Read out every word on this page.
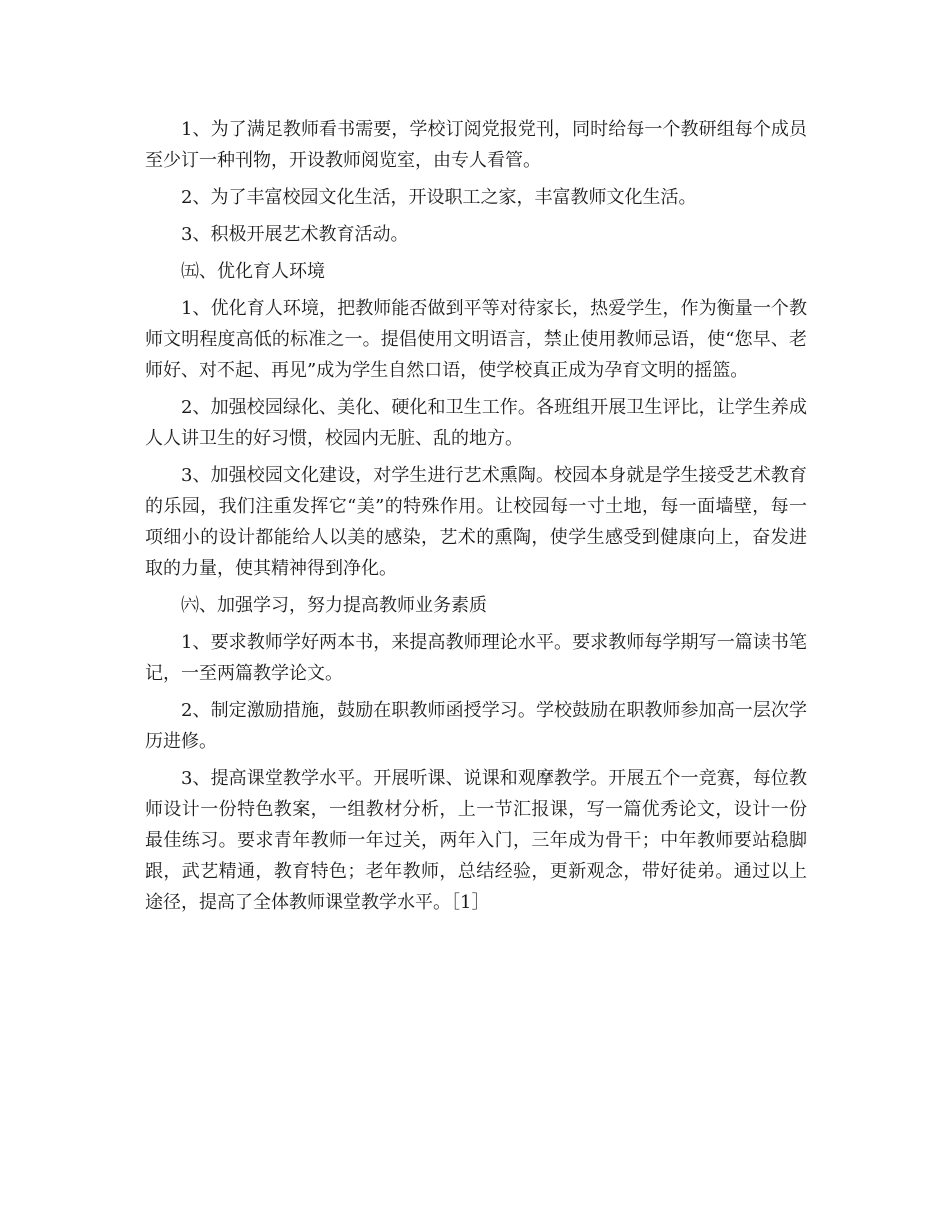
1、为了满足教师看书需要，学校订阅党报党刊，同时给每一个教研组每个成员至少订一种刊物，开设教师阅览室，由专人看管。

2、为了丰富校园文化生活，开设职工之家，丰富教师文化生活。

3、积极开展艺术教育活动。

㈤、优化育人环境

1、优化育人环境，把教师能否做到平等对待家长，热爱学生，作为衡量一个教师文明程度高低的标准之一。提倡使用文明语言，禁止使用教师忌语，使“您早、老师好、对不起、再见”成为学生自然口语，使学校真正成为孕育文明的摇篮。

2、加强校园绿化、美化、硬化和卫生工作。各班组开展卫生评比，让学生养成人人讲卫生的好习惯，校园内无脏、乱的地方。

3、加强校园文化建设，对学生进行艺术熏陶。校园本身就是学生接受艺术教育的乐园，我们注重发挥它“美”的特殊作用。让校园每一寸土地，每一面墙壁，每一项细小的设计都能给人以美的感染，艺术的熏陶，使学生感受到健康向上，奋发进取的力量，使其精神得到净化。

㈥、加强学习，努力提高教师业务素质

1、要求教师学好两本书，来提高教师理论水平。要求教师每学期写一篇读书笔记，一至两篇教学论文。

2、制定激励措施，鼓励在职教师函授学习。学校鼓励在职教师参加高一层次学历进修。

3、提高课堂教学水平。开展听课、说课和观摩教学。开展五个一竞赛，每位教师设计一份特色教案，一组教材分析，上一节汇报课，写一篇优秀论文，设计一份最佳练习。要求青年教师一年过关，两年入门，三年成为骨干；中年教师要站稳脚跟，武艺精通，教育特色；老年教师，总结经验，更新观念，带好徒弟。通过以上途径，提高了全体教师课堂教学水平。［1］
